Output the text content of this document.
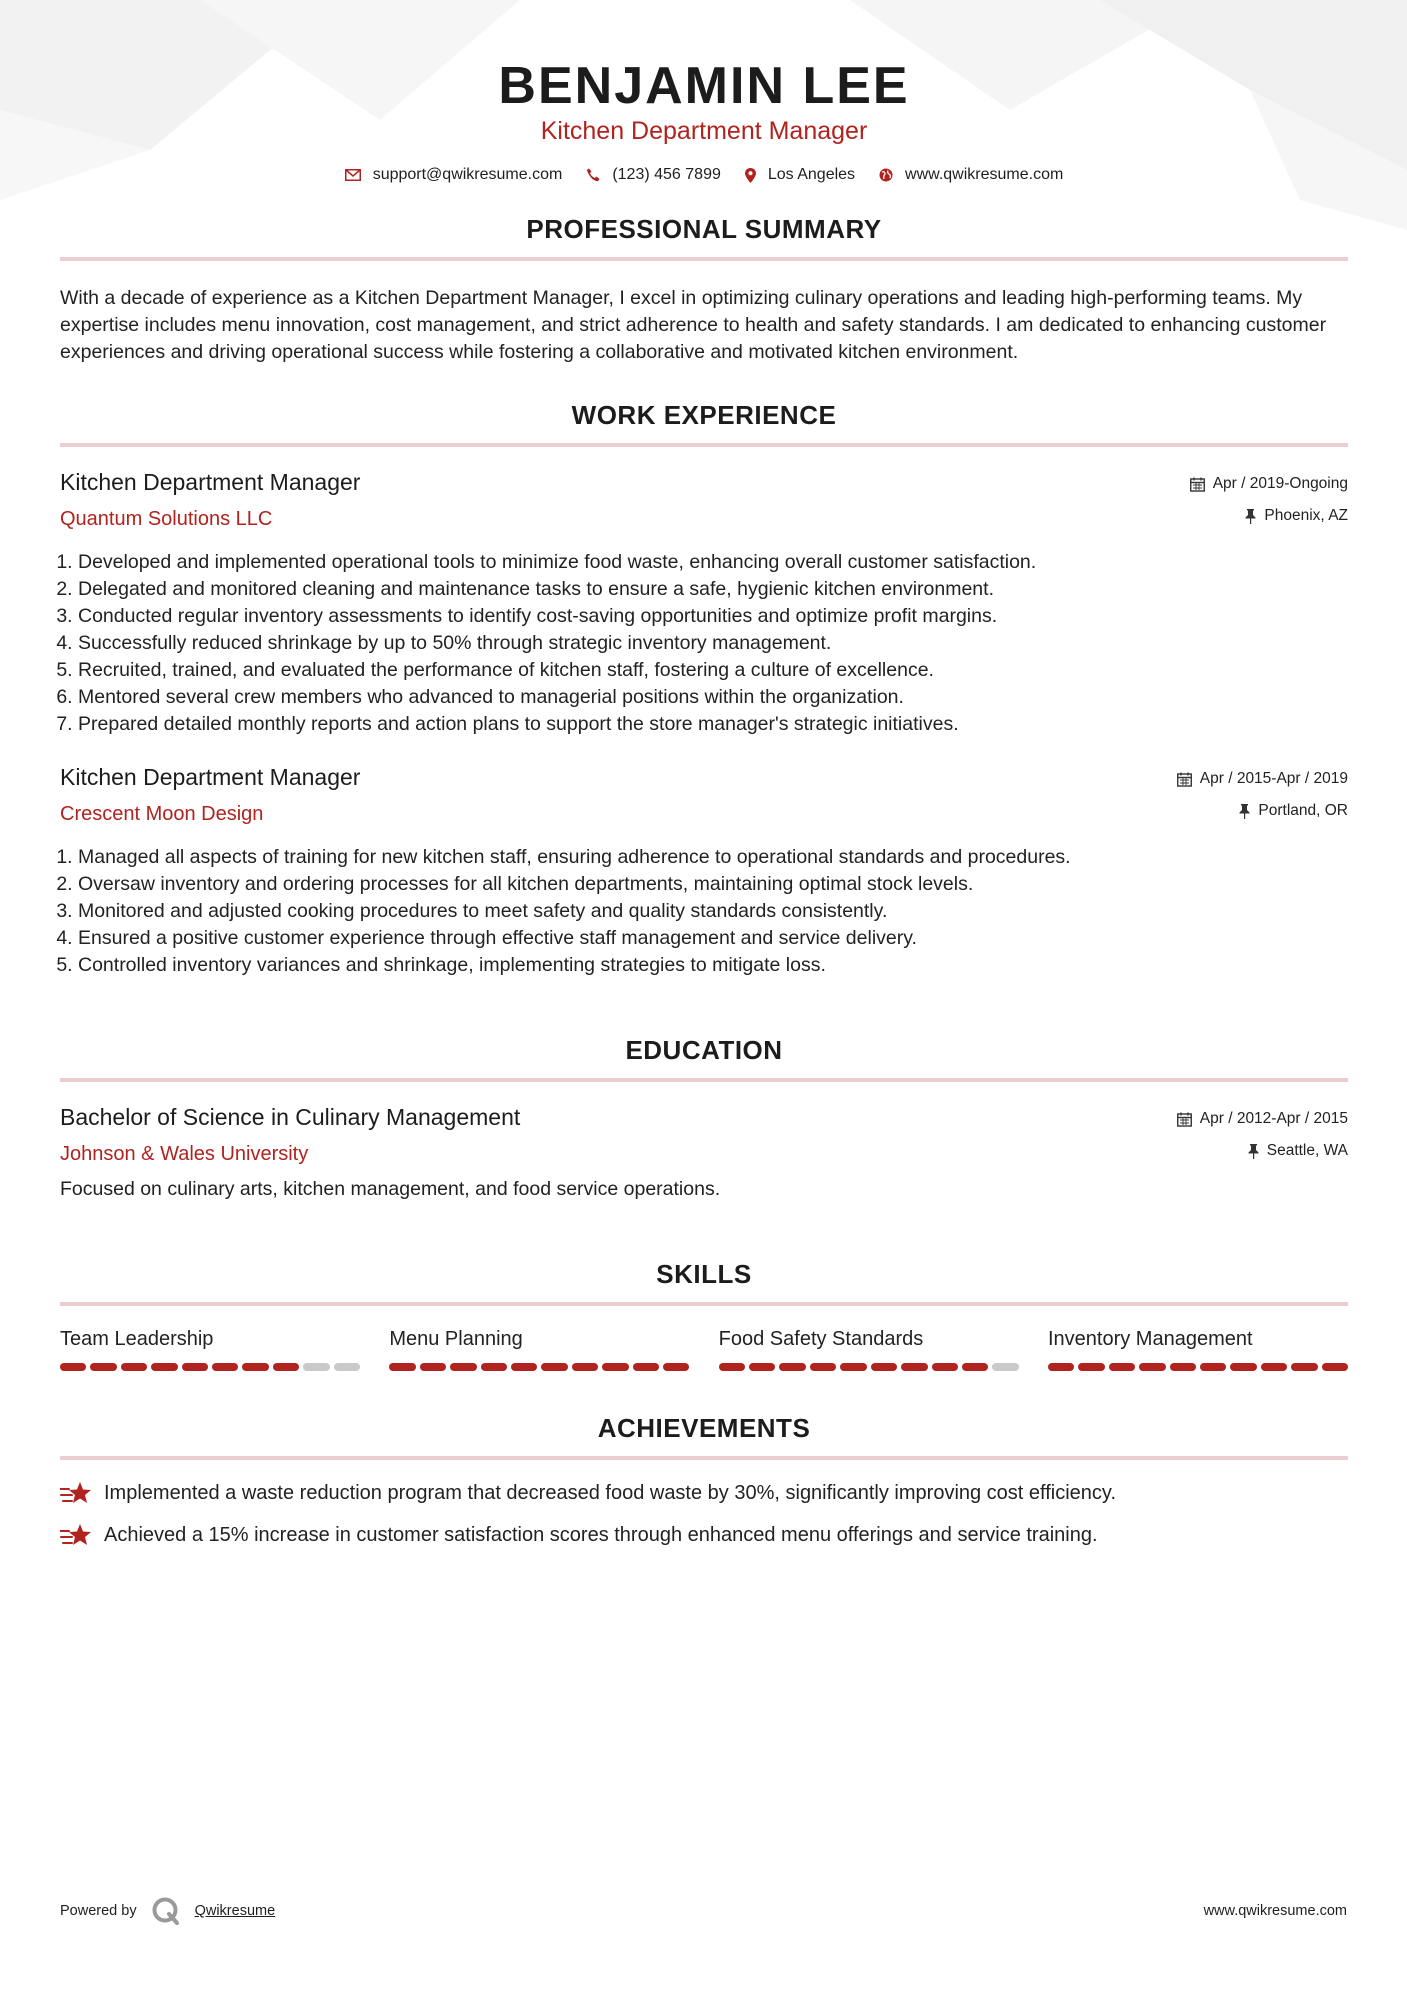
BENJAMIN LEE
Kitchen Department Manager
support@qwikresume.com	(123) 456 7899	Los Angeles	www.qwikresume.com
PROFESSIONAL SUMMARY
With a decade of experience as a Kitchen Department Manager, I excel in optimizing culinary operations and leading high-performing teams. My expertise includes menu innovation, cost management, and strict adherence to health and safety standards. I am dedicated to enhancing customer experiences and driving operational success while fostering a collaborative and motivated kitchen environment.
WORK EXPERIENCE
Kitchen Department Manager
Quantum Solutions LLC
Apr / 2019-Ongoing
Phoenix, AZ
1. Developed and implemented operational tools to minimize food waste, enhancing overall customer satisfaction.
2. Delegated and monitored cleaning and maintenance tasks to ensure a safe, hygienic kitchen environment.
3. Conducted regular inventory assessments to identify cost-saving opportunities and optimize profit margins.
4. Successfully reduced shrinkage by up to 50% through strategic inventory management.
5. Recruited, trained, and evaluated the performance of kitchen staff, fostering a culture of excellence.
6. Mentored several crew members who advanced to managerial positions within the organization.
7. Prepared detailed monthly reports and action plans to support the store manager's strategic initiatives.
Kitchen Department Manager
Crescent Moon Design
Apr / 2015-Apr / 2019
Portland, OR
1. Managed all aspects of training for new kitchen staff, ensuring adherence to operational standards and procedures.
2. Oversaw inventory and ordering processes for all kitchen departments, maintaining optimal stock levels.
3. Monitored and adjusted cooking procedures to meet safety and quality standards consistently.
4. Ensured a positive customer experience through effective staff management and service delivery.
5. Controlled inventory variances and shrinkage, implementing strategies to mitigate loss.
EDUCATION
Bachelor of Science in Culinary Management
Johnson & Wales University
Apr / 2012-Apr / 2015
Seattle, WA
Focused on culinary arts, kitchen management, and food service operations.
SKILLS
Team Leadership	Menu Planning	Food Safety Standards	Inventory Management
ACHIEVEMENTS
Implemented a waste reduction program that decreased food waste by 30%, significantly improving cost efficiency.
Achieved a 15% increase in customer satisfaction scores through enhanced menu offerings and service training.
Powered by	Qwikresume	www.qwikresume.com
